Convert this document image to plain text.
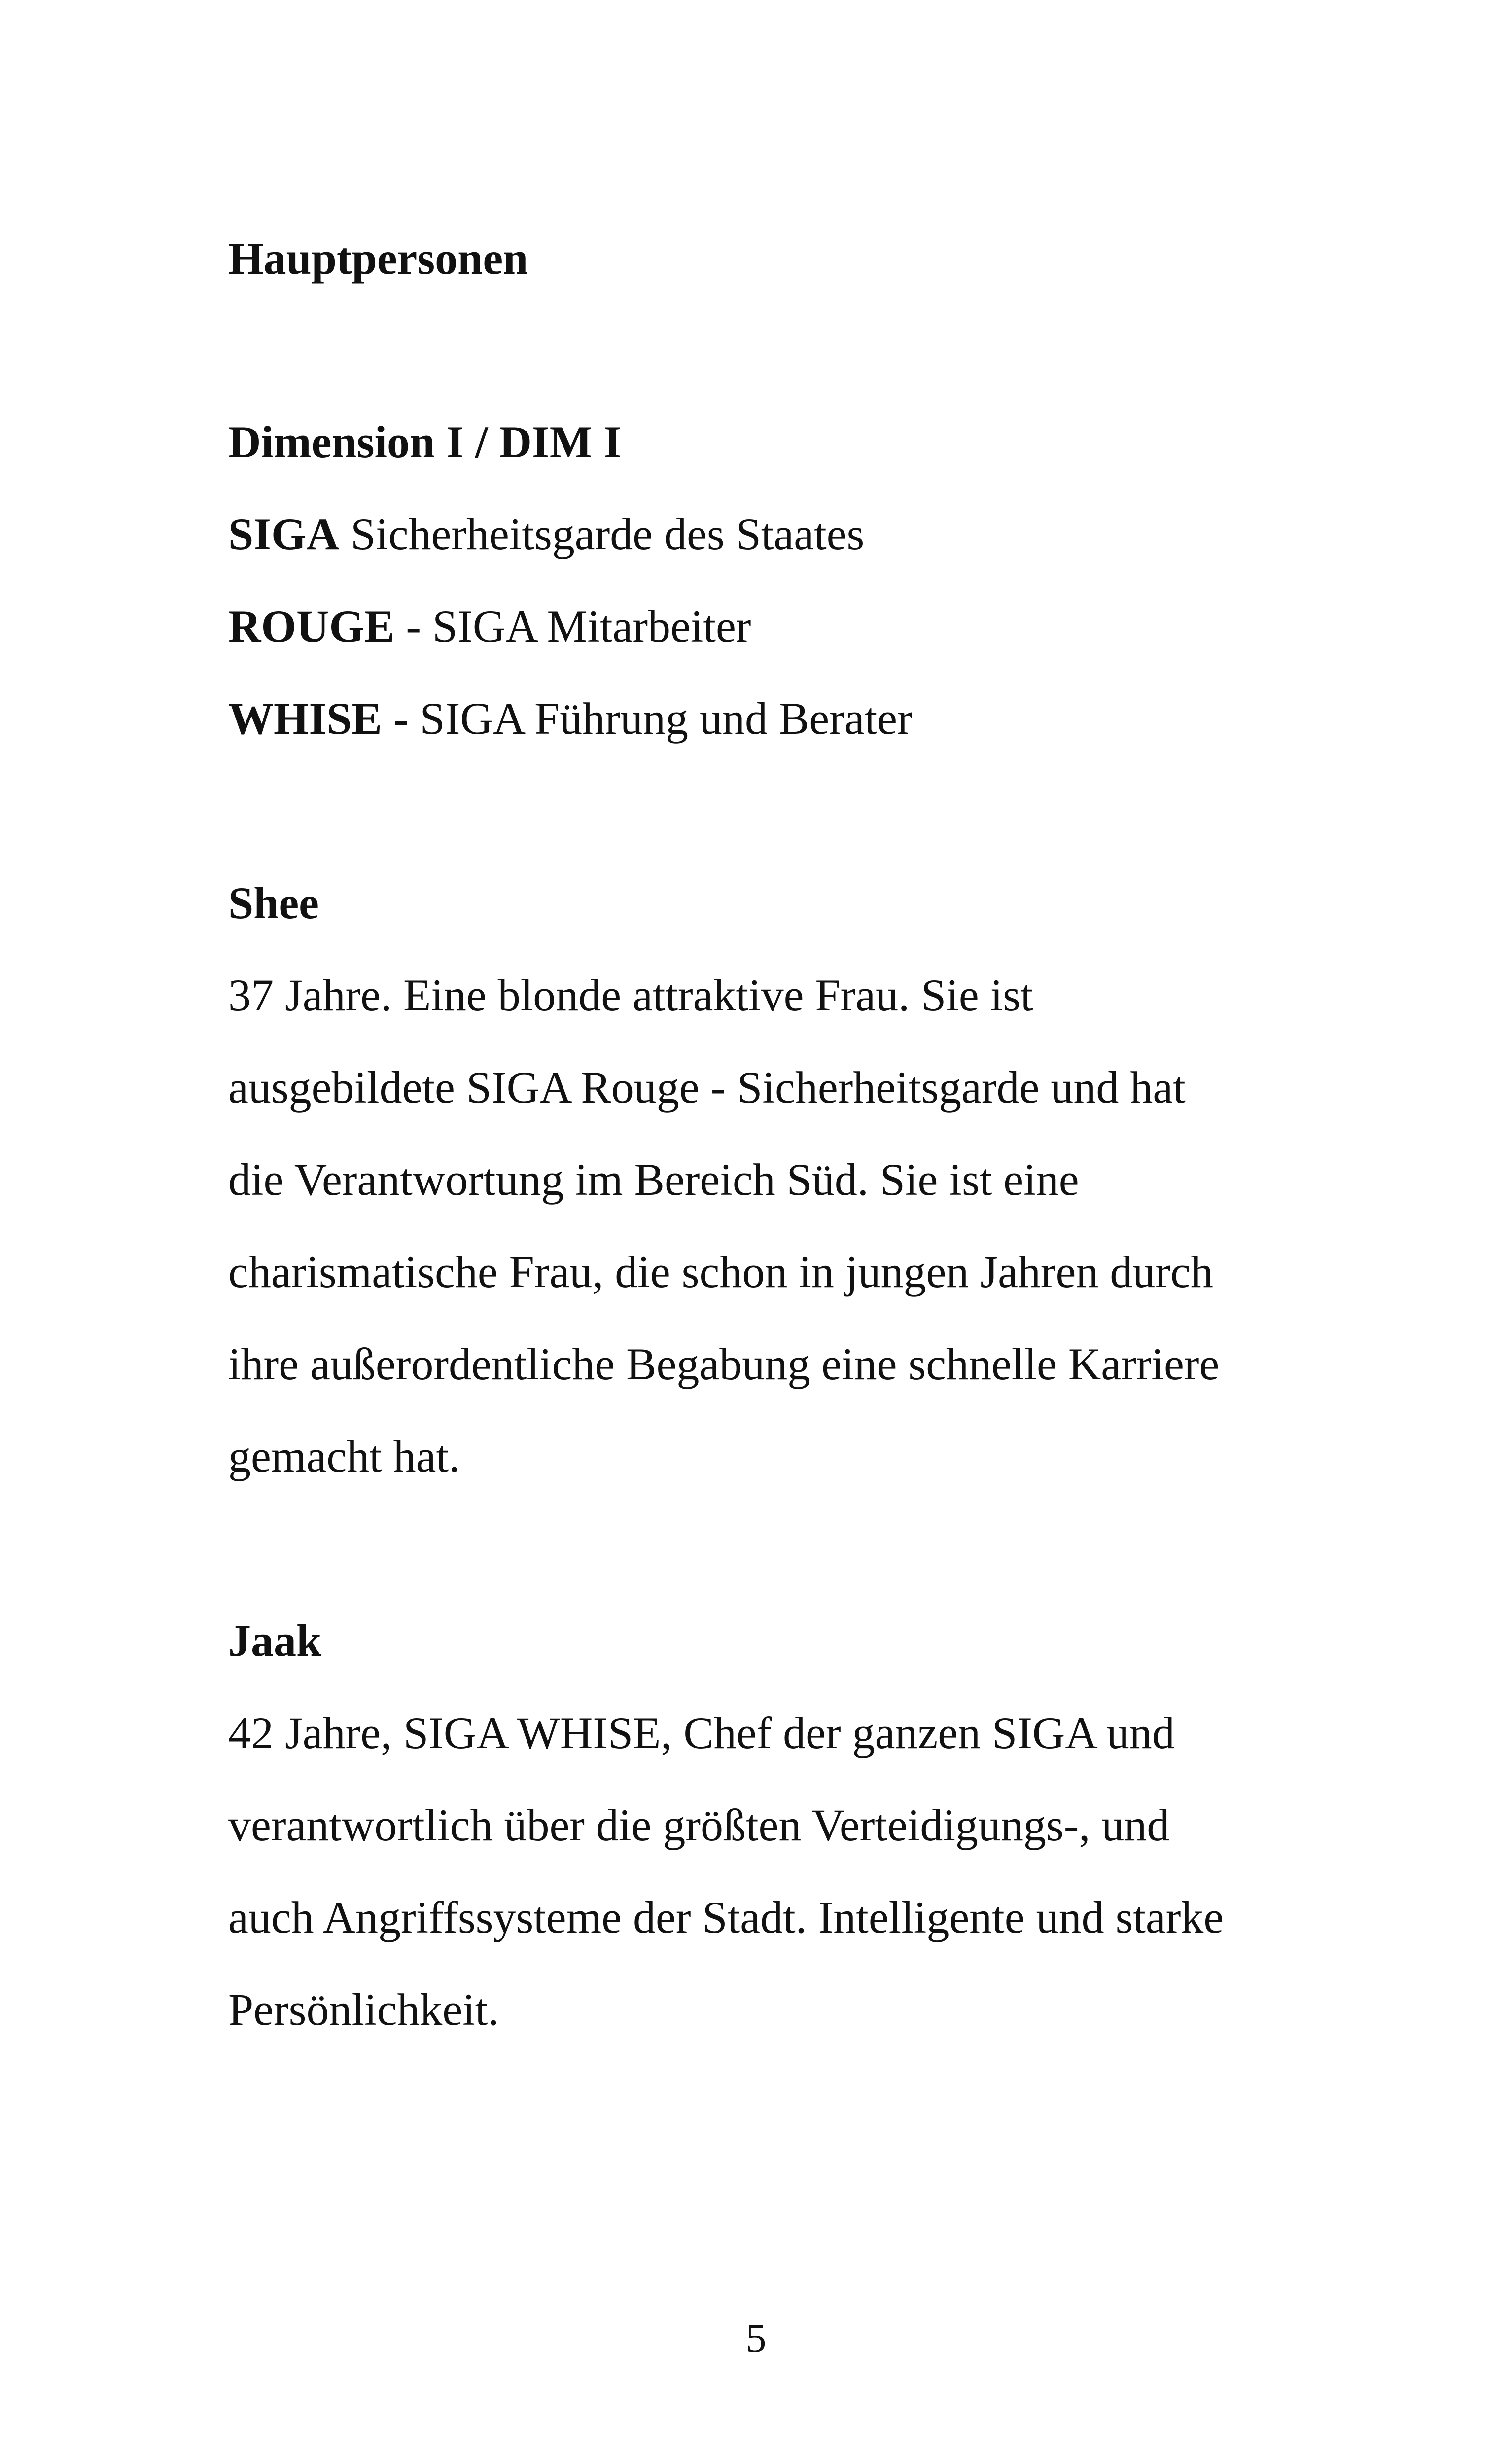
Hauptpersonen
Dimension I / DIM I
SIGA Sicherheitsgarde des Staates
ROUGE - SIGA Mitarbeiter
WHISE - SIGA Führung und Berater
Shee
37 Jahre. Eine blonde attraktive Frau. Sie ist
ausgebildete SIGA Rouge - Sicherheitsgarde und hat
die Verantwortung im Bereich Süd. Sie ist eine
charismatische Frau, die schon in jungen Jahren durch
ihre außerordentliche Begabung eine schnelle Karriere
gemacht hat.
Jaak
42 Jahre, SIGA WHISE, Chef der ganzen SIGA und
verantwortlich über die größten Verteidigungs-, und
auch Angriffssysteme der Stadt. Intelligente und starke
Persönlichkeit.
5
